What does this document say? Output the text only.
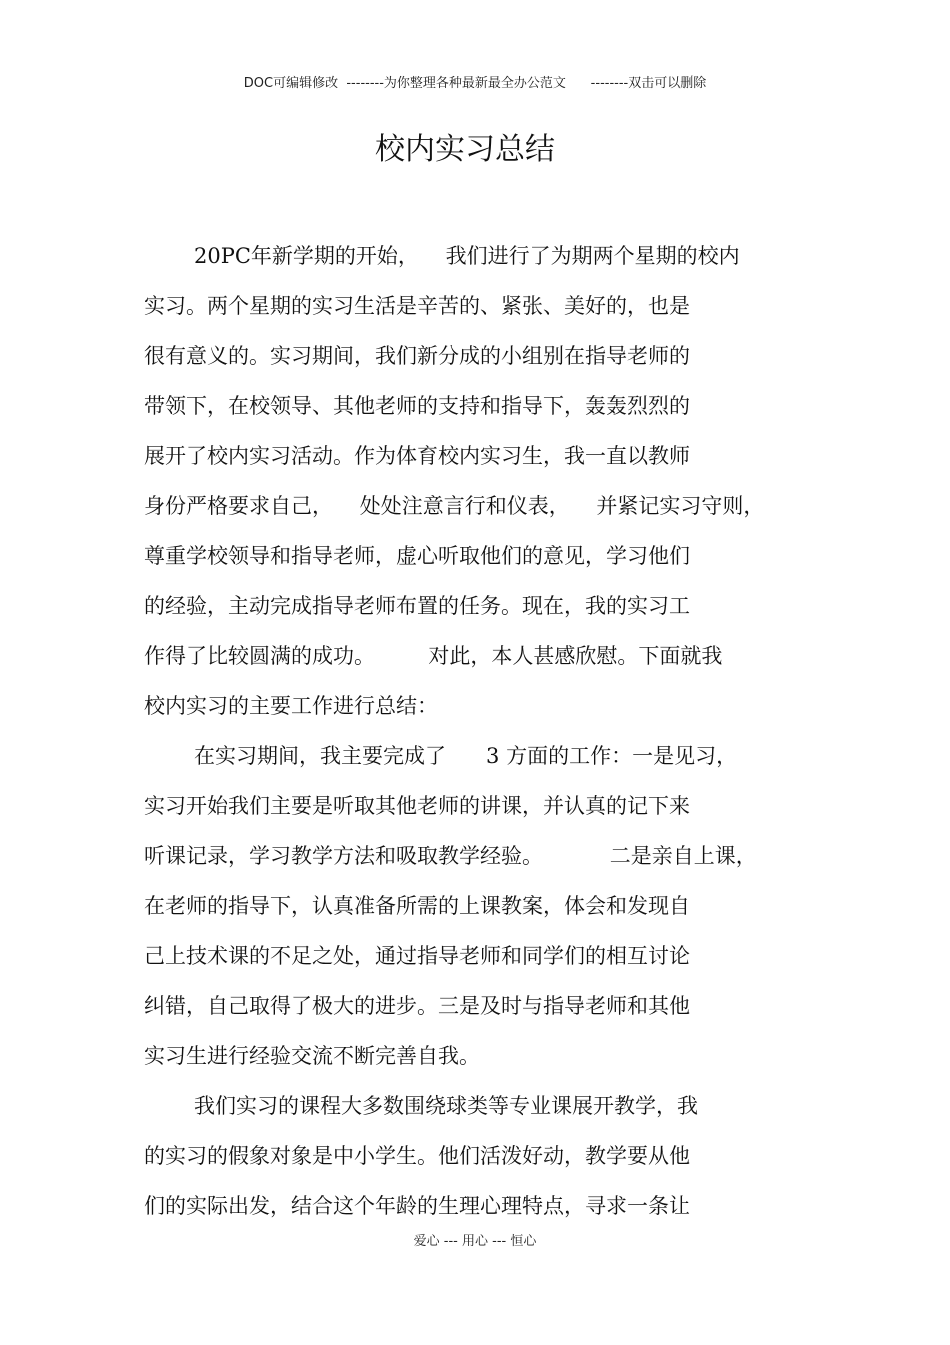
DOC可编辑修改  --------为你整理各种最新最全办公范文      --------双击可以删除
校内实习总结
20PC年新学期的开始，    我们进行了为期两个星期的校内
实习。两个星期的实习生活是辛苦的、紧张、美好的，也是
很有意义的。实习期间，我们新分成的小组别在指导老师的
带领下，在校领导、其他老师的支持和指导下，轰轰烈烈的
展开了校内实习活动。作为体育校内实习生，我一直以教师
身份严格要求自己，    处处注意言行和仪表，    并紧记实习守则，
尊重学校领导和指导老师，虚心听取他们的意见，学习他们
的经验，主动完成指导老师布置的任务。现在，我的实习工
作得了比较圆满的成功。        对此，本人甚感欣慰。下面就我
校内实习的主要工作进行总结：
在实习期间，我主要完成了      3 方面的工作：一是见习，
实习开始我们主要是听取其他老师的讲课，并认真的记下来
听课记录，学习教学方法和吸取教学经验。          二是亲自上课，
在老师的指导下，认真准备所需的上课教案，体会和发现自
己上技术课的不足之处，通过指导老师和同学们的相互讨论
纠错，自己取得了极大的进步。三是及时与指导老师和其他
实习生进行经验交流不断完善自我。
我们实习的课程大多数围绕球类等专业课展开教学，我
的实习的假象对象是中小学生。他们活泼好动，教学要从他
们的实际出发，结合这个年龄的生理心理特点，寻求一条让
爱心 --- 用心 --- 恒心
